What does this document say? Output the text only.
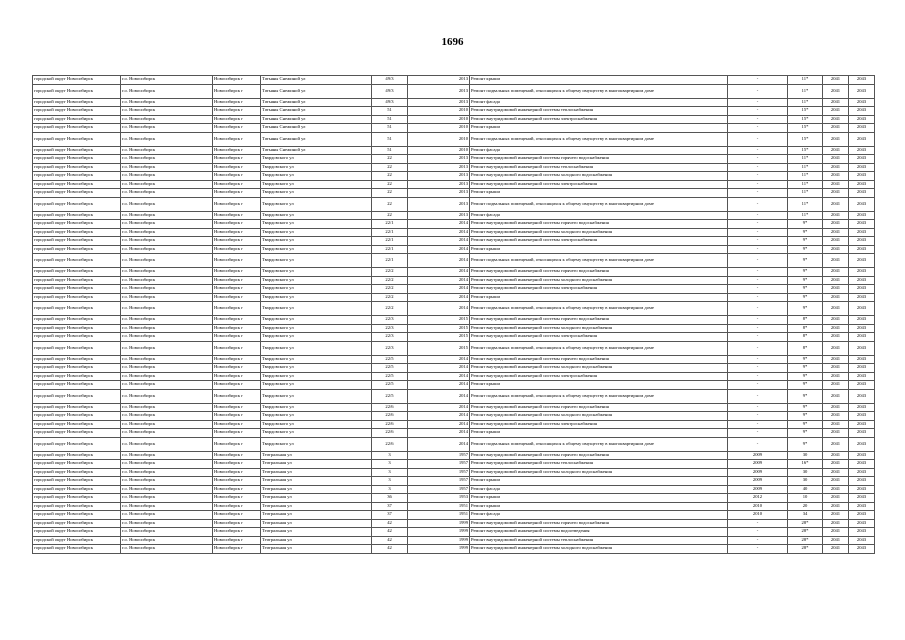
1696
городской округ Новосибирск	г.о. Новосибирск	Новосибирск г	Татьяны Снежиной ул	49/3	2013	Ремонт крыши	-	11*	2041	2043
городской округ Новосибирск	г.о. Новосибирск	Новосибирск г	Татьяны Снежиной ул	49/3	2013	Ремонт подвальных помещений, относящихся к общему имуществу в многоквартирном доме	-	11*	2041	2043
городской округ Новосибирск	г.о. Новосибирск	Новосибирск г	Татьяны Снежиной ул	49/3	2013	Ремонт фасада	-	11*	2041	2043
городской округ Новосибирск	г.о. Новосибирск	Новосибирск г	Татьяны Снежиной ул	51	2010	Ремонт внутридомовой инженерной системы теплоснабжения	-	15*	2041	2043
городской округ Новосибирск	г.о. Новосибирск	Новосибирск г	Татьяны Снежиной ул	51	2010	Ремонт внутридомовой инженерной системы электроснабжения	-	15*	2041	2043
городской округ Новосибирск	г.о. Новосибирск	Новосибирск г	Татьяны Снежиной ул	51	2010	Ремонт крыши	-	15*	2041	2043
городской округ Новосибирск	г.о. Новосибирск	Новосибирск г	Татьяны Снежиной ул	51	2010	Ремонт подвальных помещений, относящихся к общему имуществу в многоквартирном доме	-	15*	2041	2043
городской округ Новосибирск	г.о. Новосибирск	Новосибирск г	Татьяны Снежиной ул	51	2010	Ремонт фасада	-	15*	2041	2043
городской округ Новосибирск	г.о. Новосибирск	Новосибирск г	Твардовского ул	22	2013	Ремонт внутридомовой инженерной системы горячего водоснабжения	-	11*	2041	2043
городской округ Новосибирск	г.о. Новосибирск	Новосибирск г	Твардовского ул	22	2013	Ремонт внутридомовой инженерной системы теплоснабжения	-	11*	2041	2043
городской округ Новосибирск	г.о. Новосибирск	Новосибирск г	Твардовского ул	22	2013	Ремонт внутридомовой инженерной системы холодного водоснабжения	-	11*	2041	2043
городской округ Новосибирск	г.о. Новосибирск	Новосибирск г	Твардовского ул	22	2013	Ремонт внутридомовой инженерной системы электроснабжения	-	11*	2041	2043
городской округ Новосибирск	г.о. Новосибирск	Новосибирск г	Твардовского ул	22	2013	Ремонт крыши	-	11*	2041	2043
городской округ Новосибирск	г.о. Новосибирск	Новосибирск г	Твардовского ул	22	2013	Ремонт подвальных помещений, относящихся к общему имуществу в многоквартирном доме	-	11*	2041	2043
городской округ Новосибирск	г.о. Новосибирск	Новосибирск г	Твардовского ул	22	2013	Ремонт фасада	-	11*	2041	2043
городской округ Новосибирск	г.о. Новосибирск	Новосибирск г	Твардовского ул	22/1	2014	Ремонт внутридомовой инженерной системы горячего водоснабжения	-	9*	2041	2043
городской округ Новосибирск	г.о. Новосибирск	Новосибирск г	Твардовского ул	22/1	2014	Ремонт внутридомовой инженерной системы холодного водоснабжения	-	9*	2041	2043
городской округ Новосибирск	г.о. Новосибирск	Новосибирск г	Твардовского ул	22/1	2014	Ремонт внутридомовой инженерной системы электроснабжения	-	9*	2041	2043
городской округ Новосибирск	г.о. Новосибирск	Новосибирск г	Твардовского ул	22/1	2014	Ремонт крыши	-	9*	2041	2043
городской округ Новосибирск	г.о. Новосибирск	Новосибирск г	Твардовского ул	22/1	2014	Ремонт подвальных помещений, относящихся к общему имуществу в многоквартирном доме	-	9*	2041	2043
городской округ Новосибирск	г.о. Новосибирск	Новосибирск г	Твардовского ул	22/2	2014	Ремонт внутридомовой инженерной системы горячего водоснабжения	-	9*	2041	2043
городской округ Новосибирск	г.о. Новосибирск	Новосибирск г	Твардовского ул	22/2	2014	Ремонт внутридомовой инженерной системы холодного водоснабжения	-	9*	2041	2043
городской округ Новосибирск	г.о. Новосибирск	Новосибирск г	Твардовского ул	22/2	2014	Ремонт внутридомовой инженерной системы электроснабжения	-	9*	2041	2043
городской округ Новосибирск	г.о. Новосибирск	Новосибирск г	Твардовского ул	22/2	2014	Ремонт крыши	-	9*	2041	2043
городской округ Новосибирск	г.о. Новосибирск	Новосибирск г	Твардовского ул	22/2	2014	Ремонт подвальных помещений, относящихся к общему имуществу в многоквартирном доме	-	9*	2041	2043
городской округ Новосибирск	г.о. Новосибирск	Новосибирск г	Твардовского ул	22/3	2015	Ремонт внутридомовой инженерной системы горячего водоснабжения	-	8*	2041	2043
городской округ Новосибирск	г.о. Новосибирск	Новосибирск г	Твардовского ул	22/3	2015	Ремонт внутридомовой инженерной системы холодного водоснабжения	-	8*	2041	2043
городской округ Новосибирск	г.о. Новосибирск	Новосибирск г	Твардовского ул	22/3	2015	Ремонт внутридомовой инженерной системы электроснабжения	-	8*	2041	2043
городской округ Новосибирск	г.о. Новосибирск	Новосибирск г	Твардовского ул	22/3	2015	Ремонт подвальных помещений, относящихся к общему имуществу в многоквартирном доме	-	8*	2041	2043
городской округ Новосибирск	г.о. Новосибирск	Новосибирск г	Твардовского ул	22/5	2014	Ремонт внутридомовой инженерной системы горячего водоснабжения	-	9*	2041	2043
городской округ Новосибирск	г.о. Новосибирск	Новосибирск г	Твардовского ул	22/5	2014	Ремонт внутридомовой инженерной системы холодного водоснабжения	-	9*	2041	2043
городской округ Новосибирск	г.о. Новосибирск	Новосибирск г	Твардовского ул	22/5	2014	Ремонт внутридомовой инженерной системы электроснабжения	-	9*	2041	2043
городской округ Новосибирск	г.о. Новосибирск	Новосибирск г	Твардовского ул	22/5	2014	Ремонт крыши	-	9*	2041	2043
городской округ Новосибирск	г.о. Новосибирск	Новосибирск г	Твардовского ул	22/5	2014	Ремонт подвальных помещений, относящихся к общему имуществу в многоквартирном доме	-	9*	2041	2043
городской округ Новосибирск	г.о. Новосибирск	Новосибирск г	Твардовского ул	22/6	2014	Ремонт внутридомовой инженерной системы горячего водоснабжения	-	9*	2041	2043
городской округ Новосибирск	г.о. Новосибирск	Новосибирск г	Твардовского ул	22/6	2014	Ремонт внутридомовой инженерной системы холодного водоснабжения	-	9*	2041	2043
городской округ Новосибирск	г.о. Новосибирск	Новосибирск г	Твардовского ул	22/6	2014	Ремонт внутридомовой инженерной системы электроснабжения	-	9*	2041	2043
городской округ Новосибирск	г.о. Новосибирск	Новосибирск г	Твардовского ул	22/6	2014	Ремонт крыши	-	9*	2041	2043
городской округ Новосибирск	г.о. Новосибирск	Новосибирск г	Твардовского ул	22/6	2014	Ремонт подвальных помещений, относящихся к общему имуществу в многоквартирном доме	-	9*	2041	2043
городской округ Новосибирск	г.о. Новосибирск	Новосибирск г	Театральная ул	3	1957	Ремонт внутридомовой инженерной системы горячего водоснабжения	2009	30	2041	2043
городской округ Новосибирск	г.о. Новосибирск	Новосибирск г	Театральная ул	3	1957	Ремонт внутридомовой инженерной системы теплоснабжения	2009	16*	2041	2043
городской округ Новосибирск	г.о. Новосибирск	Новосибирск г	Театральная ул	3	1957	Ремонт внутридомовой инженерной системы холодного водоснабжения	2009	30	2041	2043
городской округ Новосибирск	г.о. Новосибирск	Новосибирск г	Театральная ул	3	1957	Ремонт крыши	2009	30	2041	2043
городской округ Новосибирск	г.о. Новосибирск	Новосибирск г	Театральная ул	3	1957	Ремонт фасада	2009	40	2041	2043
городской округ Новосибирск	г.о. Новосибирск	Новосибирск г	Театральная ул	36	1953	Ремонт крыши	2012	10	2041	2043
городской округ Новосибирск	г.о. Новосибирск	Новосибирск г	Театральная ул	37	1951	Ремонт крыши	2010	20	2041	2043
городской округ Новосибирск	г.о. Новосибирск	Новосибирск г	Театральная ул	37	1951	Ремонт фасада	2010	34	2041	2043
городской округ Новосибирск	г.о. Новосибирск	Новосибирск г	Театральная ул	42	1999	Ремонт внутридомовой инженерной системы горячего водоснабжения	-	28*	2041	2043
городской округ Новосибирск	г.о. Новосибирск	Новосибирск г	Театральная ул	42	1999	Ремонт внутридомовой инженерной системы водоотведения	-	28*	2041	2043
городской округ Новосибирск	г.о. Новосибирск	Новосибирск г	Театральная ул	42	1999	Ремонт внутридомовой инженерной системы теплоснабжения	-	28*	2041	2043
городской округ Новосибирск	г.о. Новосибирск	Новосибирск г	Театральная ул	42	1999	Ремонт внутридомовой инженерной системы холодного водоснабжения	-	28*	2041	2043
